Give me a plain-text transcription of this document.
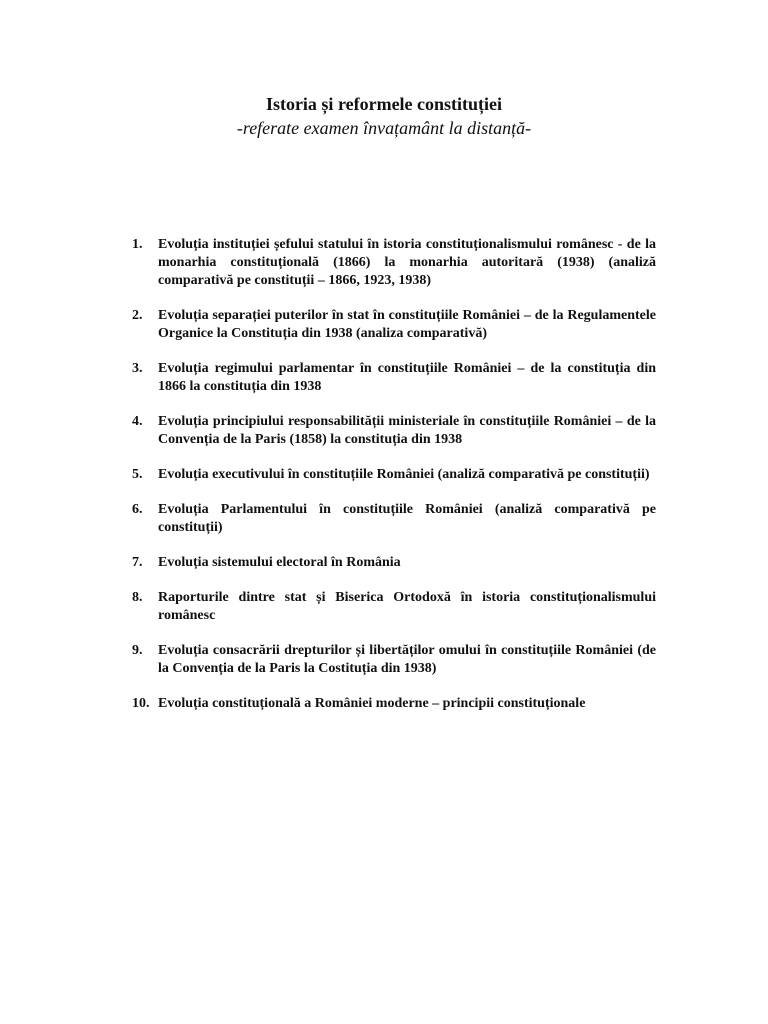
Istoria și reformele constituției

-referate examen învațamânt la distanță-

1.	Evoluția instituției șefului statului în istoria constituționalismului românesc - de la monarhia constituțională (1866) la monarhia autoritară (1938) (analiză comparativă pe constituții – 1866, 1923, 1938)
2.	Evoluția separației puterilor în stat în constituțiile României – de la Regulamentele Organice la Constituția din 1938 (analiza comparativă)
3.	Evoluția regimului parlamentar în constituțiile României – de la constituția din 1866 la constituția din 1938
4.	Evoluția principiului responsabilității ministeriale în constituțiile României – de la Convenția de la Paris (1858) la constituția din 1938
5.	Evoluția executivului în constituțiile României (analiză comparativă pe constituții)
6.	Evoluția Parlamentului în constituțiile României (analiză comparativă pe constituții)
7.	Evoluția sistemului electoral în România
8.	Raporturile dintre stat și Biserica Ortodoxă în istoria constituționalismului românesc
9.	Evoluția consacrării drepturilor și libertăților omului în constituțiile României (de la Convenția de la Paris la Costituția din 1938)
10. Evoluția constituțională a României moderne – principii constituționale
